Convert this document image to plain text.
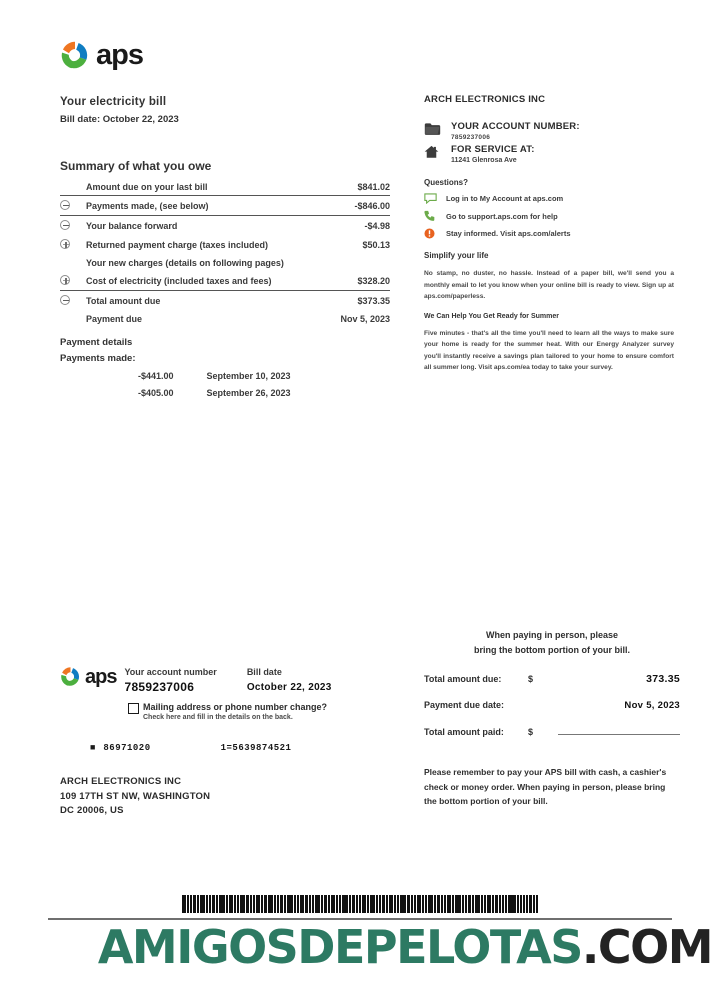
aps
Your electricity bill
Bill date: October 22, 2023
Summary of what you owe
	Amount due on your last bill	$841.02
	Payments made, (see below)	-$846.00
	Your balance forward	-$4.98
	Returned payment charge (taxes included)	$50.13
	Your new charges (details on following pages)	
	Cost of electricity (included taxes and fees)	$328.20
	Total amount due	$373.35
	Payment due	Nov 5, 2023
Payment details
Payments made:
-$441.00	September 10, 2023
-$405.00	September 26, 2023
ARCH ELECTRONICS INC
YOUR ACCOUNT NUMBER:
7859237006
FOR SERVICE AT:
11241 Glenrosa Ave
Questions?
Log in to My Account at aps.com
Go to support.aps.com for help
Stay informed. Visit aps.com/alerts
Simplify your life
No stamp, no duster, no hassle. Instead of a paper bill, we'll send you a monthly email to let you know when your online bill is ready to view. Sign up at aps.com/paperless.
We Can Help You Get Ready for Summer
Five minutes - that's all the time you'll need to learn all the ways to make sure your home is ready for the summer heat. With our Energy Analyzer survey you'll instantly receive a savings plan tailored to your home to ensure comfort all summer long. Visit aps.com/ea today to take your survey.
aps Your account number
7859237006
Bill date
October 22, 2023
Mailing address or phone number change?
Check here and fill in the details on the back.
■ 86971020	1=5639874521
ARCH ELECTRONICS INC
109 17TH ST NW, WASHINGTON
DC 20006, US
When paying in person, please
bring the bottom portion of your bill.
Total amount due:	$	373.35
Payment due date:	Nov 5, 2023
Total amount paid:	$
Please remember to pay your APS bill with cash, a cashier's check or money order. When paying in person, please bring the bottom portion of your bill.
AMIGOSDEPELOTAS.COM
